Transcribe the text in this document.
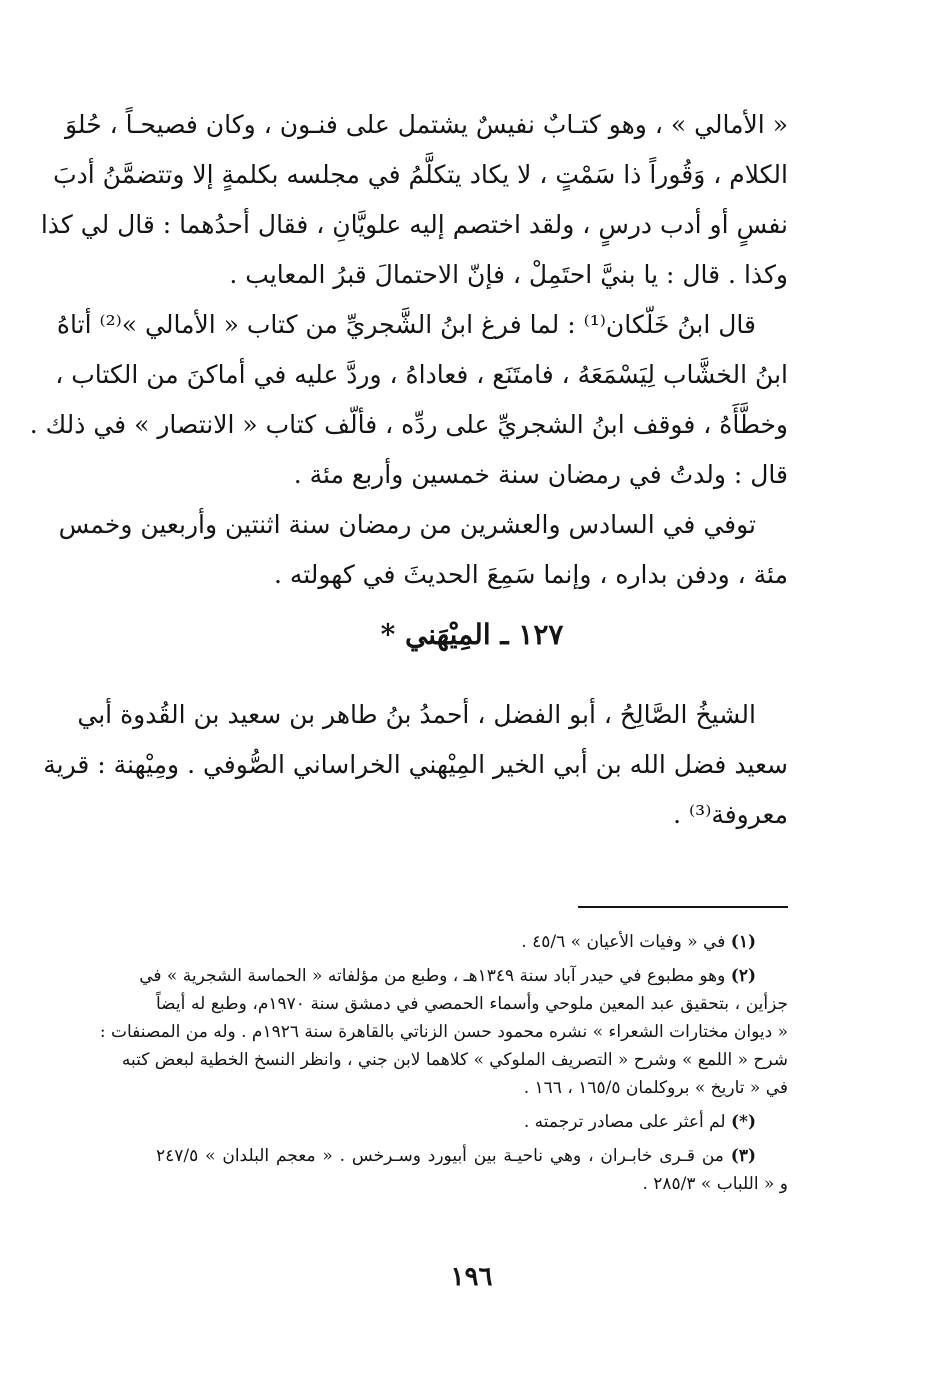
« الأمالي » ، وهو كتـابٌ نفيسٌ يشتمل على فنـون ، وكان فصيحـاً ، حُلوَ
الكلام ، وَقُوراً ذا سَمْتٍ ، لا يكاد يتكلَّمُ في مجلسه بكلمةٍ إلا وتتضمَّنُ أدبَ
نفسٍ أو أدب درسٍ ، ولقد اختصم إليه علويَّانِ ، فقال أحدُهما : قال لي كذا
وكذا . قال : يا بنيَّ احتَمِلْ ، فإنّ الاحتمالَ قبرُ المعايب .

قال ابنُ خَلّكان⁽¹⁾ : لما فرغ ابنُ الشَّجريِّ من كتاب « الأمالي »⁽²⁾ أتاهُ
ابنُ الخشَّاب لِيَسْمَعَهُ ، فامتَنَع ، فعاداهُ ، وردَّ عليه في أماكنَ من الكتاب ،
وخطَّأَهُ ، فوقف ابنُ الشجريِّ على ردِّه ، فألّف كتاب « الانتصار » في ذلك .
قال : ولدتُ في رمضان سنة خمسين وأربع مئة .

توفي في السادس والعشرين من رمضان سنة اثنتين وأربعين وخمس
مئة ، ودفن بداره ، وإنما سَمِعَ الحديثَ في كهولته .

١٢٧ ـ المِيْهَني *

الشيخُ الصَّالِحُ ، أبو الفضل ، أحمدُ بنُ طاهر بن سعيد بن القُدوة أبي
سعيد فضل الله بن أبي الخير المِيْهني الخراساني الصُّوفي . ومِيْهنة : قرية
معروفة⁽³⁾ .

(١) في « وفيات الأعيان » ٤٥/٦ .
(٢) وهو مطبوع في حيدر آباد سنة ١٣٤٩هـ ، وطبع من مؤلفاته « الحماسة الشجرية » في
جزأين ، بتحقيق عبد المعين ملوحي وأسماء الحمصي في دمشق سنة ١٩٧٠م، وطبع له أيضاً
« ديوان مختارات الشعراء » نشره محمود حسن الزناتي بالقاهرة سنة ١٩٢٦م . وله من المصنفات :
شرح « اللمع » وشرح « التصريف الملوكي » كلاهما لابن جني ، وانظر النسخ الخطية لبعض كتبه
في « تاريخ » بروكلمان ١٦٥/٥ ، ١٦٦ .
(*) لم أعثر على مصادر ترجمته .
(٣) من قـرى خابـران ، وهي ناحيـة بين أبيورد وسـرخس . « معجم البلدان » ٢٤٧/٥
و « اللباب » ٢٨٥/٣ .
١٩٦
